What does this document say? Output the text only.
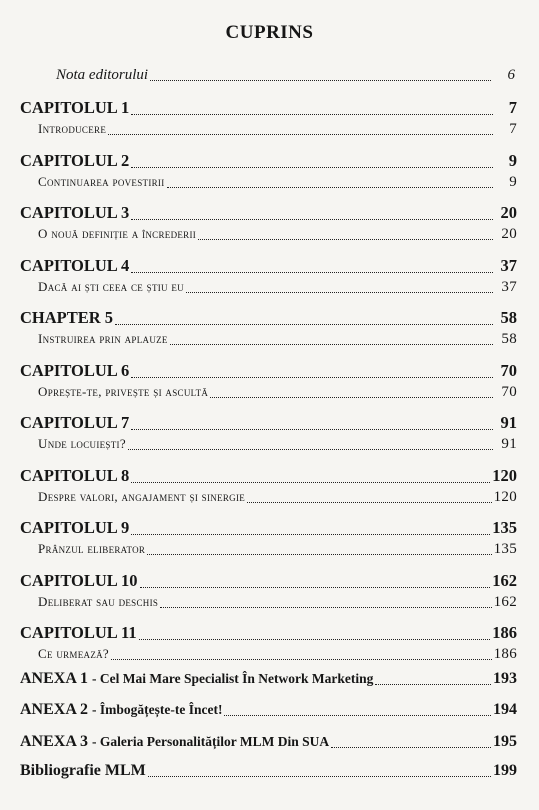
CUPRINS
Nota editorului	6
CAPITOLUL 1	7
Introducere	7
CAPITOLUL 2	9
Continuarea povestirii	9
CAPITOLUL 3	20
O nouă definiție a încrederii	20
CAPITOLUL 4	37
Dacă ai ști ceea ce știu eu	37
CHAPTER 5	58
Instruirea prin aplauze	58
CAPITOLUL 6	70
Oprește-te, privește și ascultă	70
CAPITOLUL 7	91
Unde locuiești?	91
CAPITOLUL 8	120
Despre valori, angajament și sinergie	120
CAPITOLUL 9	135
Prânzul eliberator	135
CAPITOLUL 10	162
Deliberat sau deschis	162
CAPITOLUL 11	186
Ce urmează?	186
ANEXA 1 - Cel Mai Mare Specialist În Network Marketing	193
ANEXA 2 - Îmbogățește-te Încet!	194
ANEXA 3 - Galeria Personalităților MLM Din SUA	195
Bibliografie MLM	199
